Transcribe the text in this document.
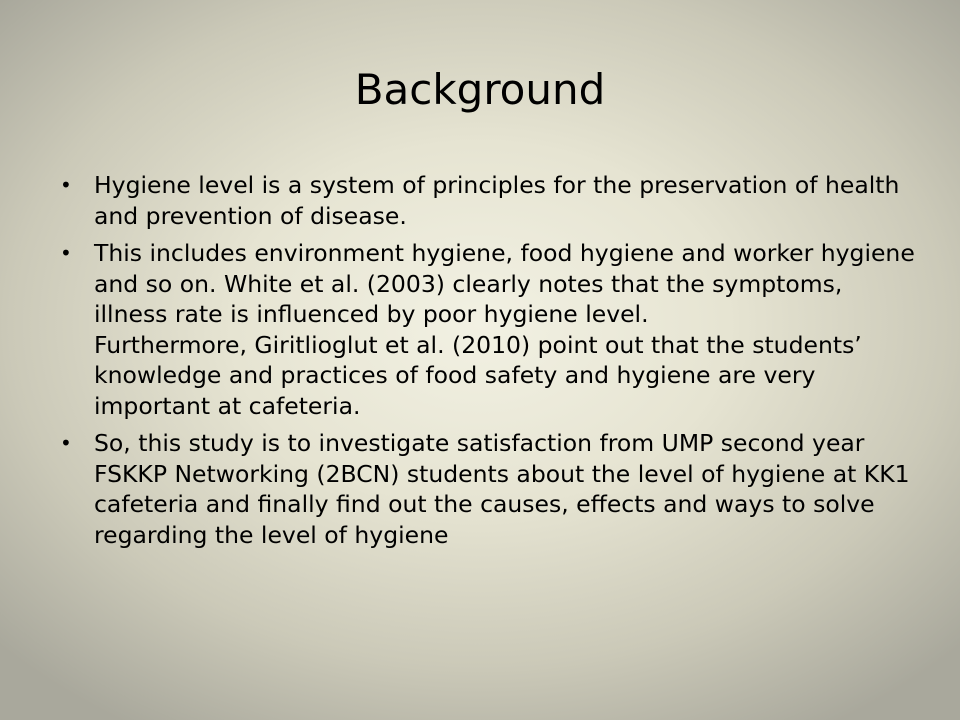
Background
• Hygiene level is a system of principles for the preservation of health and prevention of disease.
• This includes environment hygiene, food hygiene and worker hygiene and so on. White et al. (2003) clearly notes that the symptoms, illness rate is influenced by poor hygiene level.
Furthermore, Giritlioglut et al. (2010) point out that the students’ knowledge and practices of food safety and hygiene are very important at cafeteria.
• So, this study is to investigate satisfaction from UMP second year FSKKP Networking (2BCN) students about the level of hygiene at KK1 cafeteria and finally find out the causes, effects and ways to solve regarding the level of hygiene
